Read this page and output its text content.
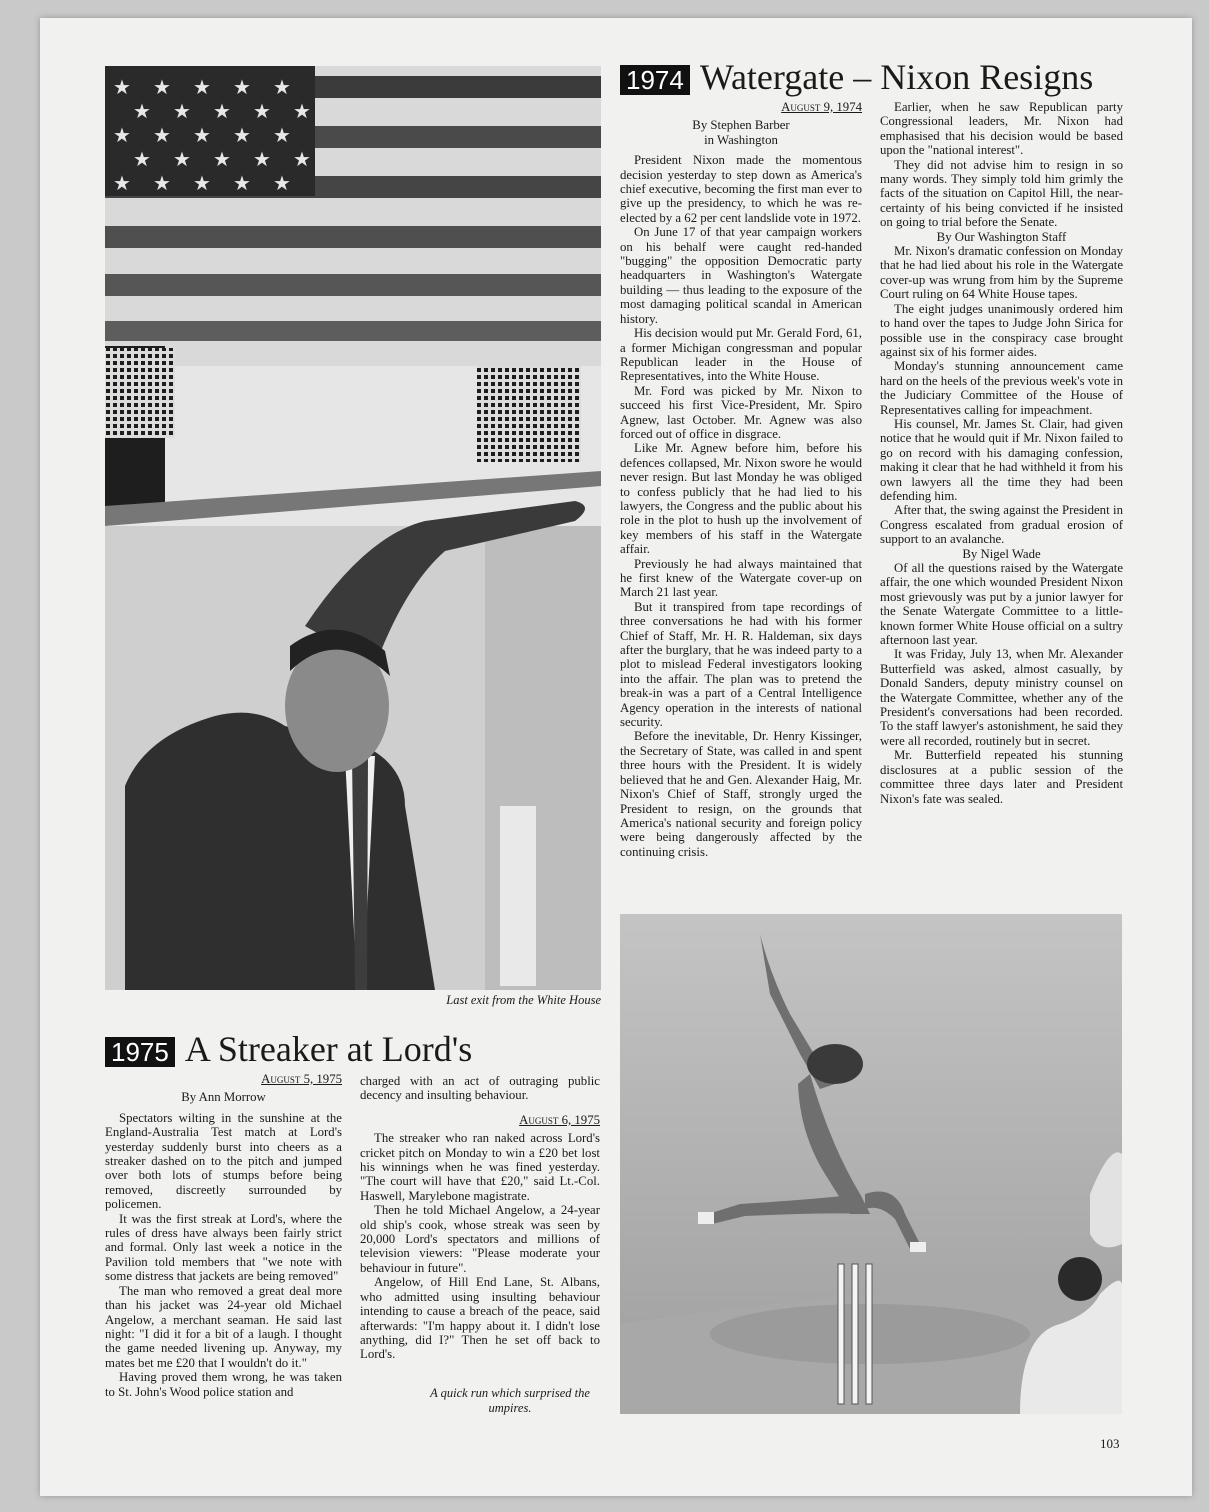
★ ★ ★ ★ ★
★ ★ ★ ★ ★
★ ★ ★ ★ ★
★ ★ ★ ★ ★
★ ★ ★ ★ ★
Last exit from the White House
1974 Watergate – Nixon Resigns

August 9, 1974

By Stephen Barber

in Washington

President Nixon made the momentous decision yesterday to step down as America's chief executive, becoming the first man ever to give up the presidency, to which he was re-elected by a 62 per cent landslide vote in 1972.

On June 17 of that year campaign workers on his behalf were caught red-handed "bugging" the opposition Democratic party headquarters in Washington's Watergate building — thus leading to the exposure of the most damaging political scandal in American history.

His decision would put Mr. Gerald Ford, 61, a former Michigan congressman and popular Republican leader in the House of Representatives, into the White House.

Mr. Ford was picked by Mr. Nixon to succeed his first Vice-President, Mr. Spiro Agnew, last October. Mr. Agnew was also forced out of office in disgrace.

Like Mr. Agnew before him, before his defences collapsed, Mr. Nixon swore he would never resign. But last Monday he was obliged to confess publicly that he had lied to his lawyers, the Congress and the public about his role in the plot to hush up the involvement of key members of his staff in the Watergate affair.

Previously he had always maintained that he first knew of the Watergate cover-up on March 21 last year.

But it transpired from tape recordings of three conversations he had with his former Chief of Staff, Mr. H. R. Haldeman, six days after the burglary, that he was indeed party to a plot to mislead Federal investigators looking into the affair. The plan was to pretend the break-in was a part of a Central Intelligence Agency operation in the interests of national security.

Before the inevitable, Dr. Henry Kissinger, the Secretary of State, was called in and spent three hours with the President. It is widely believed that he and Gen. Alexander Haig, Mr. Nixon's Chief of Staff, strongly urged the President to resign, on the grounds that America's national security and foreign policy were being dangerously affected by the continuing crisis.

Earlier, when he saw Republican party Congressional leaders, Mr. Nixon had emphasised that his decision would be based upon the "national interest".

They did not advise him to resign in so many words. They simply told him grimly the facts of the situation on Capitol Hill, the near-certainty of his being convicted if he insisted on going to trial before the Senate.

By Our Washington Staff

Mr. Nixon's dramatic confession on Monday that he had lied about his role in the Watergate cover-up was wrung from him by the Supreme Court ruling on 64 White House tapes.

The eight judges unanimously ordered him to hand over the tapes to Judge John Sirica for possible use in the conspiracy case brought against six of his former aides.

Monday's stunning announcement came hard on the heels of the previous week's vote in the Judiciary Committee of the House of Representatives calling for impeachment.

His counsel, Mr. James St. Clair, had given notice that he would quit if Mr. Nixon failed to go on record with his damaging confession, making it clear that he had withheld it from his own lawyers all the time they had been defending him.

After that, the swing against the President in Congress escalated from gradual erosion of support to an avalanche.

By Nigel Wade

Of all the questions raised by the Watergate affair, the one which wounded President Nixon most grievously was put by a junior lawyer for the Senate Watergate Committee to a little-known former White House official on a sultry afternoon last year.

It was Friday, July 13, when Mr. Alexander Butterfield was asked, almost casually, by Donald Sanders, deputy ministry counsel on the Watergate Committee, whether any of the President's conversations had been recorded. To the staff lawyer's astonishment, he said they were all recorded, routinely but in secret.

Mr. Butterfield repeated his stunning disclosures at a public session of the committee three days later and President Nixon's fate was sealed.

1975 A Streaker at Lord's

August 5, 1975

By Ann Morrow

Spectators wilting in the sunshine at the England-Australia Test match at Lord's yesterday suddenly burst into cheers as a streaker dashed on to the pitch and jumped over both lots of stumps before being removed, discreetly surrounded by policemen.

It was the first streak at Lord's, where the rules of dress have always been fairly strict and formal. Only last week a notice in the Pavilion told members that "we note with some distress that jackets are being removed"

The man who removed a great deal more than his jacket was 24-year old Michael Angelow, a merchant seaman. He said last night: "I did it for a bit of a laugh. I thought the game needed livening up. Anyway, my mates bet me £20 that I wouldn't do it."

Having proved them wrong, he was taken to St. John's Wood police station and

charged with an act of outraging public decency and insulting behaviour.

August 6, 1975

The streaker who ran naked across Lord's cricket pitch on Monday to win a £20 bet lost his winnings when he was fined yesterday. "The court will have that £20," said Lt.-Col. Haswell, Marylebone magistrate.

Then he told Michael Angelow, a 24-year old ship's cook, whose streak was seen by 20,000 Lord's spectators and millions of television viewers: "Please moderate your behaviour in future".

Angelow, of Hill End Lane, St. Albans, who admitted using insulting behaviour intending to cause a breach of the peace, said afterwards: "I'm happy about it. I didn't lose anything, did I?" Then he set off back to Lord's.

A quick run which surprised the umpires.
103
